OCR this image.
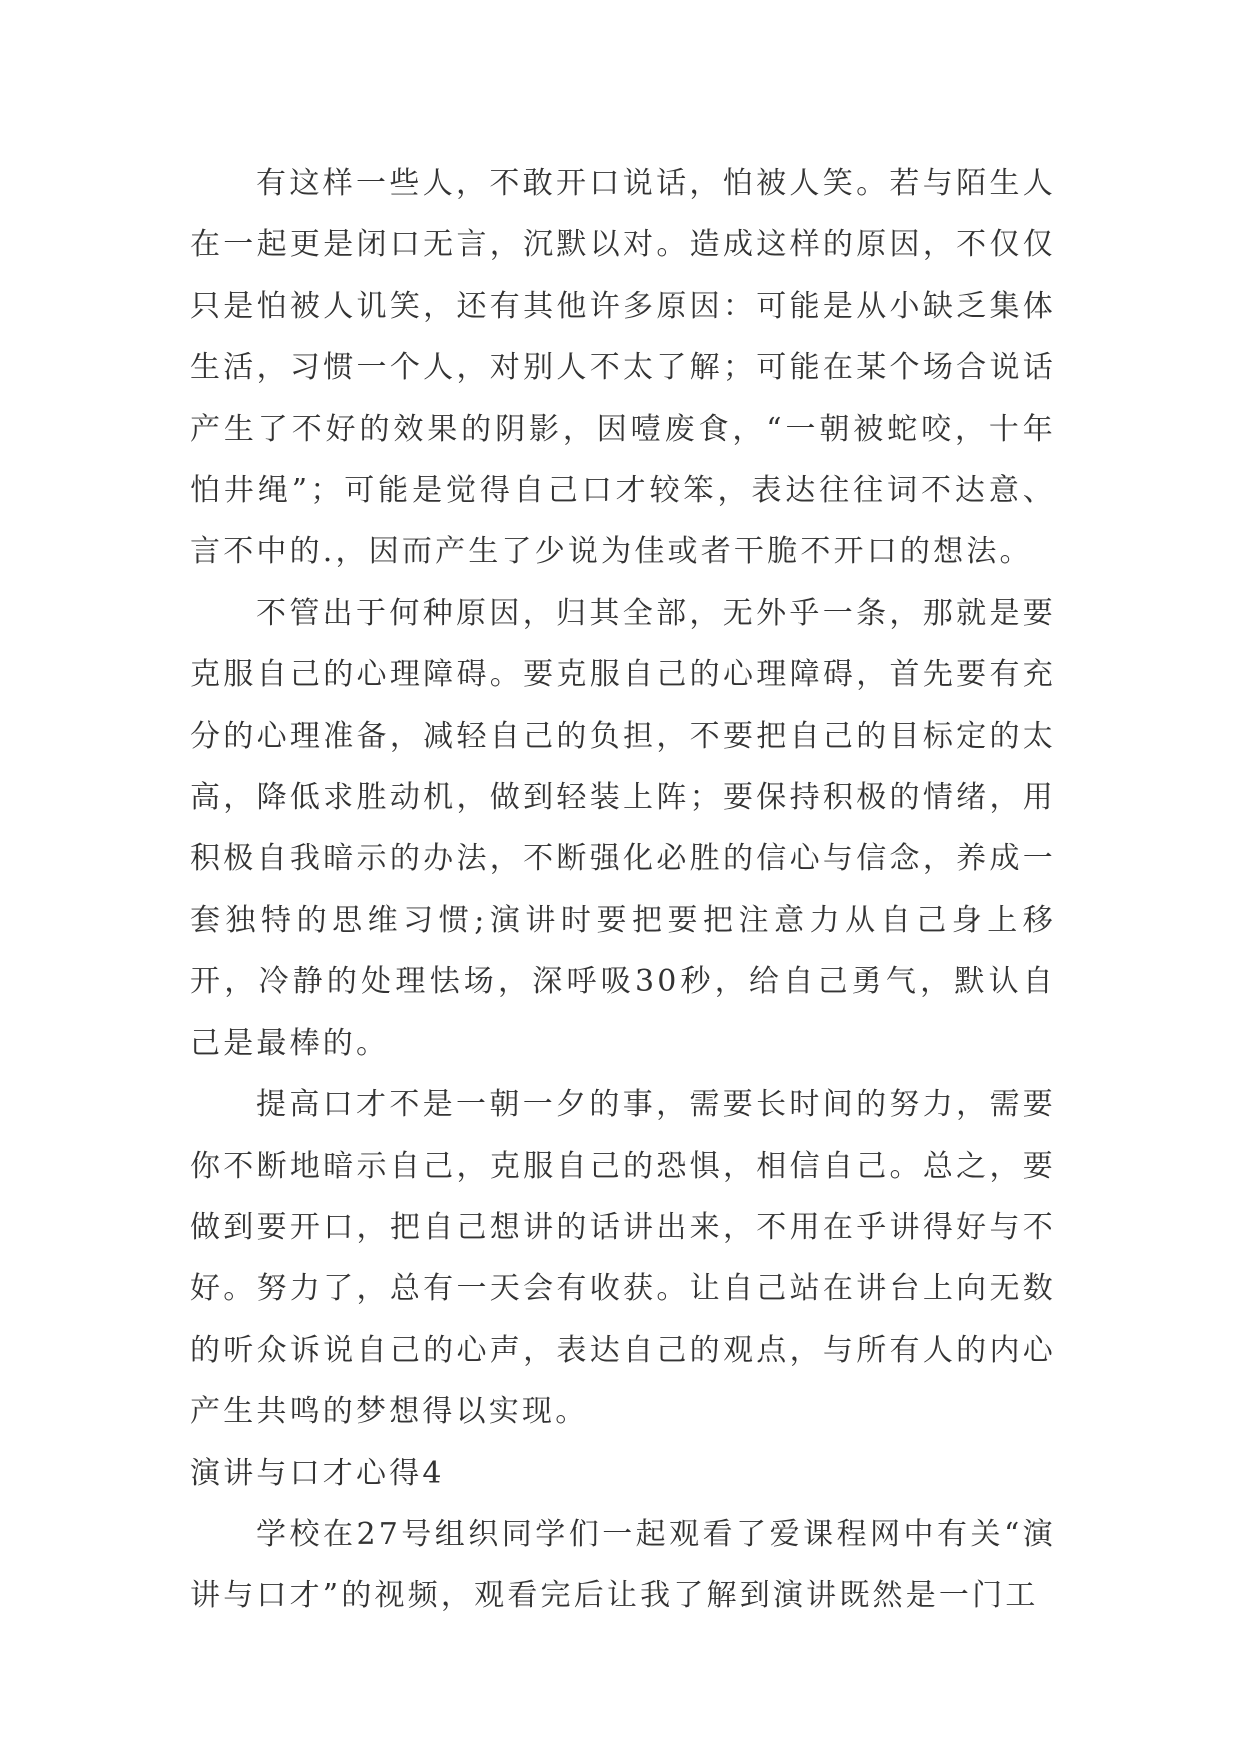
有这样一些人，不敢开口说话，怕被人笑。若与陌生人在一起更是闭口无言，沉默以对。造成这样的原因，不仅仅只是怕被人讥笑，还有其他许多原因：可能是从小缺乏集体生活，习惯一个人，对别人不太了解；可能在某个场合说话产生了不好的效果的阴影，因噎废食，“一朝被蛇咬，十年怕井绳”；可能是觉得自己口才较笨，表达往往词不达意、言不中的.，因而产生了少说为佳或者干脆不开口的想法。

不管出于何种原因，归其全部，无外乎一条，那就是要克服自己的心理障碍。要克服自己的心理障碍，首先要有充分的心理准备，减轻自己的负担，不要把自己的目标定的太高，降低求胜动机，做到轻装上阵；要保持积极的情绪，用积极自我暗示的办法，不断强化必胜的信心与信念，养成一套独特的思维习惯;演讲时要把要把注意力从自己身上移开，冷静的处理怯场，深呼吸30秒，给自己勇气，默认自己是最棒的。

提高口才不是一朝一夕的事，需要长时间的努力，需要你不断地暗示自己，克服自己的恐惧，相信自己。总之，要做到要开口，把自己想讲的话讲出来，不用在乎讲得好与不好。努力了，总有一天会有收获。让自己站在讲台上向无数的听众诉说自己的心声，表达自己的观点，与所有人的内心产生共鸣的梦想得以实现。

演讲与口才心得4

学校在27号组织同学们一起观看了爱课程网中有关“演讲与口才”的视频，观看完后让我了解到演讲既然是一门工
